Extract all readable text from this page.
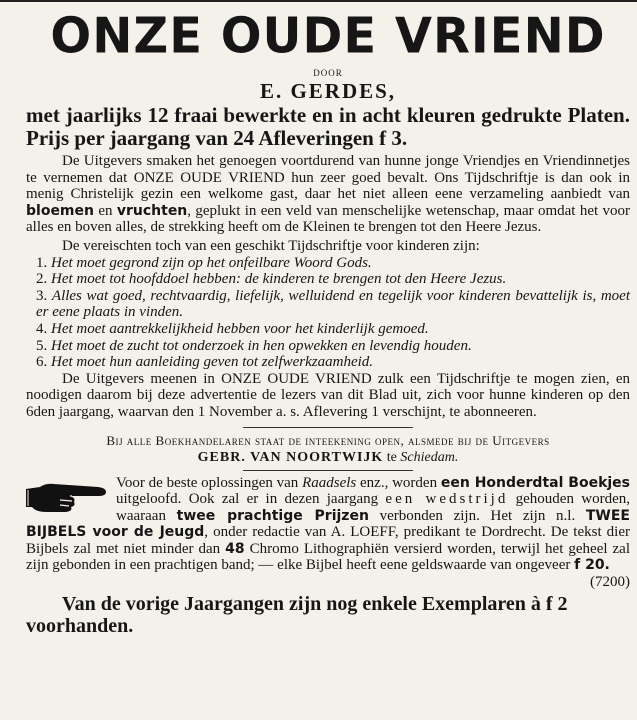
ONZE OUDE VRIEND
DOOR
E. GERDES,
met jaarlijks 12 fraai bewerkte en in acht kleuren gedrukte Platen. Prijs per jaargang van 24 Afleveringen f 3.
De Uitgevers smaken het genoegen voortdurend van hunne jonge Vriendjes en Vriendinnetjes te vernemen dat ONZE OUDE VRIEND hun zeer goed bevalt. Ons Tijdschriftje is dan ook in menig Christelijk gezin een welkome gast, daar het niet alleen eene verzameling aanbiedt van bloemen en vruchten, geplukt in een veld van menschelijke wetenschap, maar omdat het voor alles en boven alles, de strekking heeft om de Kleinen te brengen tot den Heere Jezus.
De vereischten toch van een geschikt Tijdschriftje voor kinderen zijn:
1. Het moet gegrond zijn op het onfeilbare Woord Gods.
2. Het moet tot hoofddoel hebben: de kinderen te brengen tot den Heere Jezus.
3. Alles wat goed, rechtvaardig, liefelijk, welluidend en tegelijk voor kinderen bevattelijk is, moet er eene plaats in vinden.
4. Het moet aantrekkelijkheid hebben voor het kinderlijk gemoed.
5. Het moet de zucht tot onderzoek in hen opwekken en levendig houden.
6. Het moet hun aanleiding geven tot zelfwerkzaamheid.
De Uitgevers meenen in ONZE OUDE VRIEND zulk een Tijdschriftje te mogen zien, en noodigen daarom bij deze advertentie de lezers van dit Blad uit, zich voor hunne kinderen op den 6den jaargang, waarvan den 1 November a. s. Aflevering 1 verschijnt, te abonneeren.
Bij alle Boekhandelaren staat de inteekening open, alsmede bij de Uitgevers
GEBR. VAN NOORTWIJK te Schiedam.
Voor de beste oplossingen van Raadsels enz., worden een Honderdtal Boekjes uitgeloofd. Ook zal er in dezen jaargang een wedstrijd gehouden worden, waaraan twee prachtige Prijzen verbonden zijn. Het zijn n.l. TWEE BIJBELS voor de Jeugd, onder redactie van A. LOEFF, predikant te Dordrecht. De tekst dier Bijbels zal met niet minder dan 48 Chromo Lithographiën versierd worden, terwijl het geheel zal zijn gebonden in een prachtigen band; — elke Bijbel heeft eene geldswaarde van ongeveer f 20.
(7200)
Van de vorige Jaargangen zijn nog enkele Exemplaren à f 2 voorhanden.
